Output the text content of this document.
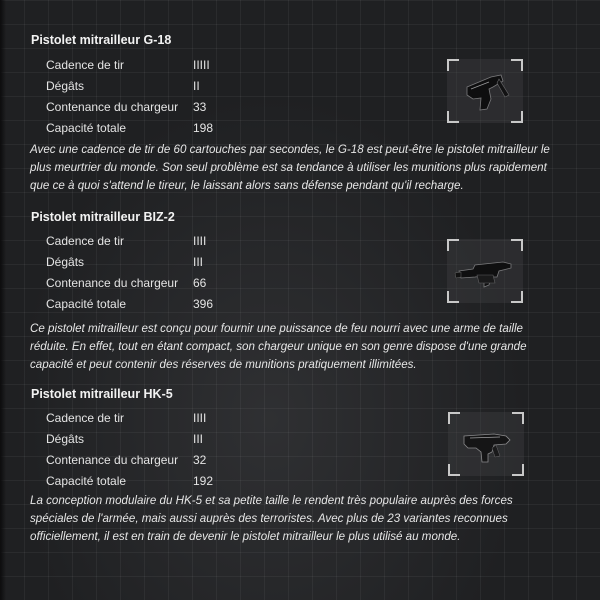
Pistolet mitrailleur G-18
Cadence de tir	IIIII
Dégâts	II
Contenance du chargeur 33
Capacité totale	198
Avec une cadence de tir de 60 cartouches par secondes, le G-18 est peut-être le pistolet mitrailleur le
plus meurtrier du monde. Son seul problème est sa tendance à utiliser les munitions plus rapidement
que ce à quoi s'attend le tireur, le laissant alors sans défense pendant qu'il recharge.
Pistolet mitrailleur BIZ-2
Cadence de tir	IIII
Dégâts	III
Contenance du chargeur 66
Capacité totale	396
Ce pistolet mitrailleur est conçu pour fournir une puissance de feu nourri avec une arme de taille
réduite. En effet, tout en étant compact, son chargeur unique en son genre dispose d'une grande
capacité et peut contenir des réserves de munitions pratiquement illimitées.
Pistolet mitrailleur HK-5
Cadence de tir	IIII
Dégâts	III
Contenance du chargeur 32
Capacité totale	192
La conception modulaire du HK-5 et sa petite taille le rendent très populaire auprès des forces
spéciales de l'armée, mais aussi auprès des terroristes. Avec plus de 23 variantes reconnues
officiellement, il est en train de devenir le pistolet mitrailleur le plus utilisé au monde.
